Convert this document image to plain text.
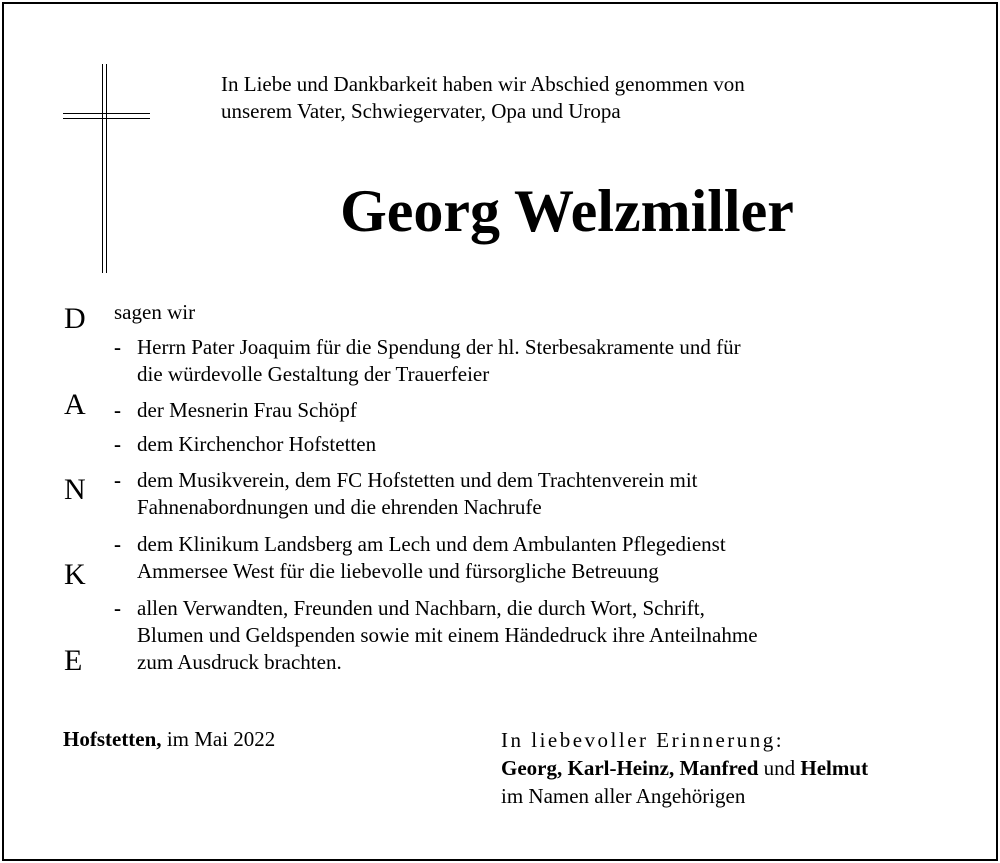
In Liebe und Dankbarkeit haben wir Abschied genommen von
unserem Vater, Schwiegervater, Opa und Uropa
Georg Welzmiller
D
A
N
K
E
sagen wir
- Herrn Pater Joaquim für die Spendung der hl. Sterbesakramente und für
die würdevolle Gestaltung der Trauerfeier
- der Mesnerin Frau Schöpf
- dem Kirchenchor Hofstetten
- dem Musikverein, dem FC Hofstetten und dem Trachtenverein mit
Fahnenabordnungen und die ehrenden Nachrufe
- dem Klinikum Landsberg am Lech und dem Ambulanten Pflegedienst
Ammersee West für die liebevolle und fürsorgliche Betreuung
- allen Verwandten, Freunden und Nachbarn, die durch Wort, Schrift,
Blumen und Geldspenden sowie mit einem Händedruck ihre Anteilnahme
zum Ausdruck brachten.
Hofstetten, im Mai 2022	In liebevoller Erinnerung:
Georg, Karl-Heinz, Manfred und Helmut
im Namen aller Angehörigen
